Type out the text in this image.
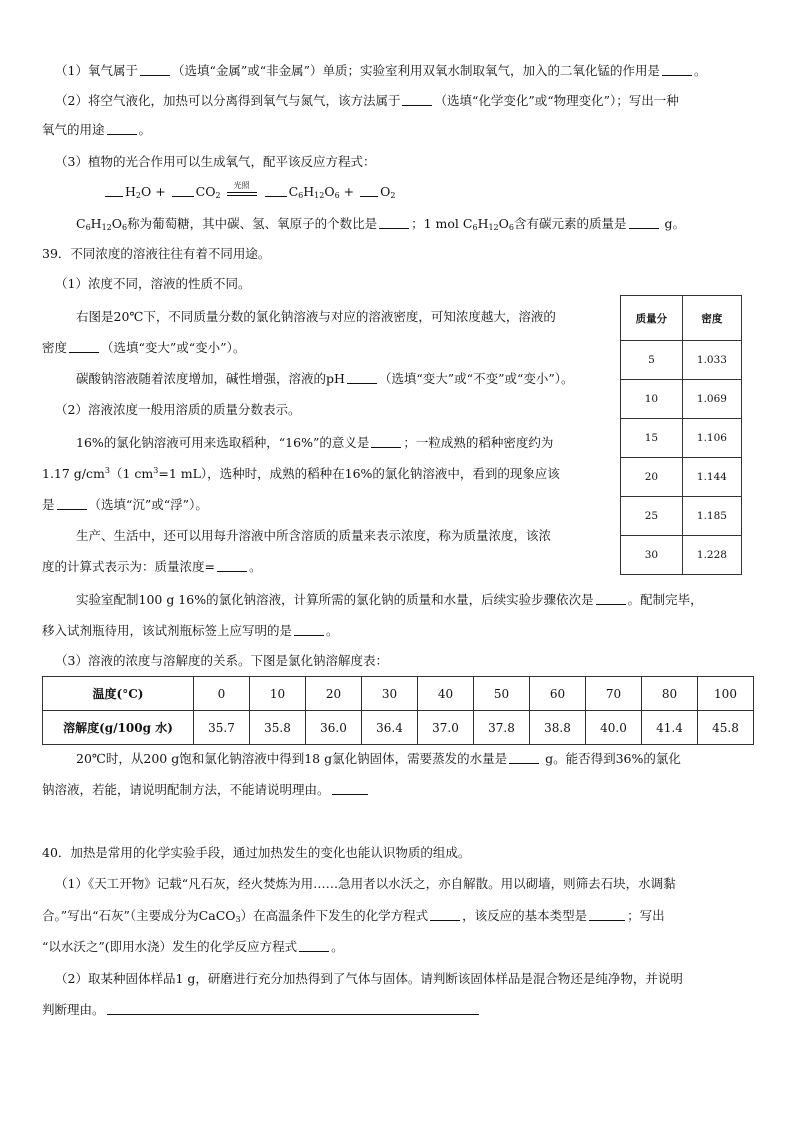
（1）氧气属于	（选填“金属”或“非金属”）单质；实验室利用双氧水制取氧气，加入的二氧化锰的作用是	。
（2）将空气液化，加热可以分离得到氧气与氮气，该方法属于	（选填“化学变化”或“物理变化”）；写出一种
氧气的用途	。
（3）植物的光合作用可以生成氧气，配平该反应方程式：
$H_2O + CO_2$
光照	$C_6H_{12}O_6 + O_2$
$C_6H_{12}O_6$称为葡萄糖，其中碳、氢、氧原子的个数比是	；1 mol $C_6H_{12}O_6$含有碳元素的质量是	g。
39．不同浓度的溶液往往有着不同用途。
（1）浓度不同，溶液的性质不同。
右图是20℃下，不同质量分数的氯化钠溶液与对应的溶液密度，可知浓度越大，溶液的
密度	（选填“变大”或“变小”）。
碳酸钠溶液随着浓度增加，碱性增强，溶液的pH	（选填“变大”或“不变”或“变小”）。
（2）溶液浓度一般用溶质的质量分数表示。
16%的氯化钠溶液可用来选取稻种，“16%”的意义是	；一粒成熟的稻种密度约为
1.17 $g/cm^3(1$ $cm^3=1$ mL），选种时，成熟的稻种在16%的氯化钠溶液中，看到的现象应该
是	（选填“沉”或“浮”）。
生产、生活中，还可以用每升溶液中所含溶质的质量来表示浓度，称为质量浓度，该浓
度的计算式表示为：质量浓度=	。
实验室配制100 g 16%的氯化钠溶液，计算所需的氯化钠的质量和水量，后续实验步骤依次是	。配制完毕，
移入试剂瓶待用，该试剂瓶标签上应写明的是	。
（3）溶液的浓度与溶解度的关系。下图是氯化钠溶解度表：
质量分	密度
5	1.033
10	1.069
15	1.106
20	1.144
25	1.185
30	1.228
温度(°C)	0	10	20	30	40	50	60	70	80	100
溶解度(g/100g 水)	35.7	35.8	36.0	36.4	37.0	37.8	38.8	40.0	41.4	45.8
20℃时，从200 g饱和氯化钠溶液中得到18 g氯化钠固体，需要蒸发的水量是	g。能否得到36%的氯化
钠溶液，若能，请说明配制方法，不能请说明理由。
40．加热是常用的化学实验手段，通过加热发生的变化也能认识物质的组成。
（1）《天工开物》记载“凡石灰，经火焚炼为用……急用者以水沃之，亦自解散。用以砌墙，则筛去石块，水调黏
合。”写出“石灰”（主要成分为CaCO$_3$）在高温条件下发生的化学方程式	，该反应的基本类型是	；写出
“以水沃之”(即用水浇）发生的化学反应方程式	。
（2）取某种固体样品1 g，研磨进行充分加热得到了气体与固体。请判断该固体样品是混合物还是纯净物，并说明
判断理由。
